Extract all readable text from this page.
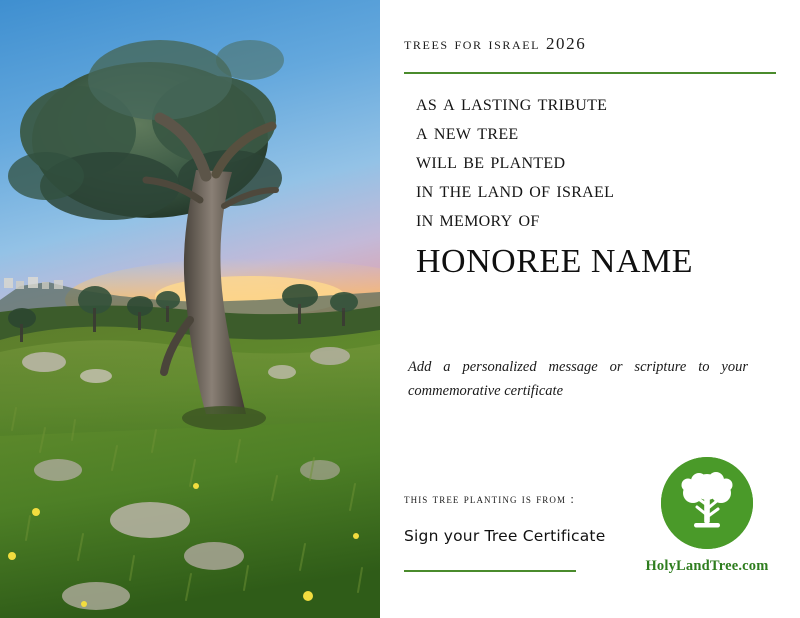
trees for israel 2026
as a lasting tribute
a new tree
will be planted
in the land of israel
in memory of
HONOREE NAME
Add a personalized message or scripture to your commemorative certificate
this tree planting is from :
Sign your Tree Certificate
HolyLandTree.com
